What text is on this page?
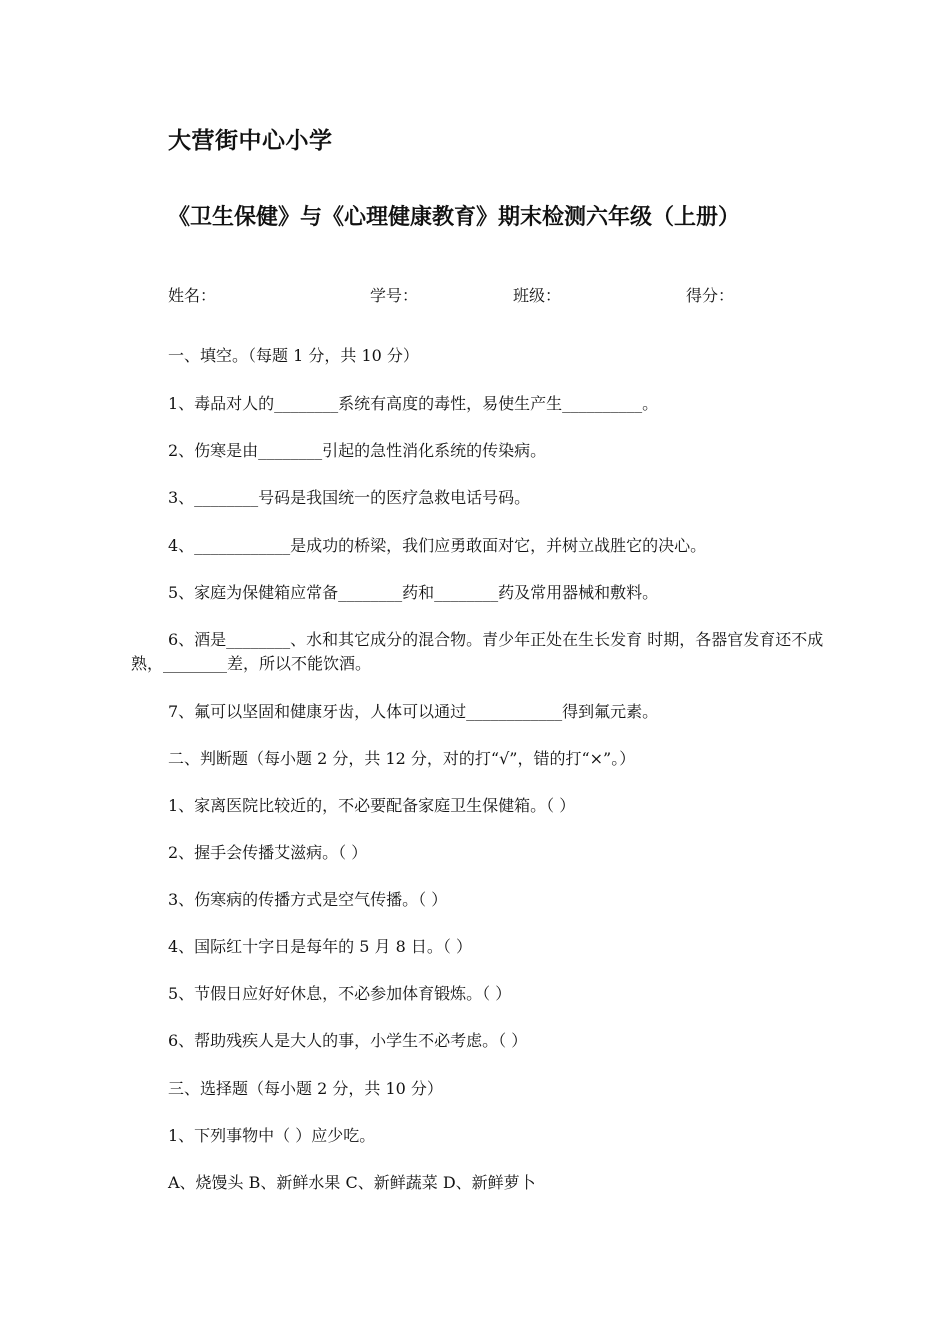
大营街中心小学
《卫生保健》与《心理健康教育》期末检测六年级（上册）
姓名：	学号：	班级：	得分：
一、填空。（每题 1 分，共 10 分）
1、毒品对人的________系统有高度的毒性，易使生产生__________。
2、伤寒是由________引起的急性消化系统的传染病。
3、________号码是我国统一的医疗急救电话号码。
4、____________是成功的桥梁，我们应勇敢面对它，并树立战胜它的决心。
5、家庭为保健箱应常备________药和________药及常用器械和敷料。
6、酒是________、水和其它成分的混合物。青少年正处在生长发育 时期，各器官发育还不成熟，________差，所以不能饮酒。
7、氟可以坚固和健康牙齿，人体可以通过____________得到氟元素。
二、判断题（每小题 2 分，共 12 分，对的打“√”，错的打“×”。）
1、家离医院比较近的，不必要配备家庭卫生保健箱。（ ）
2、握手会传播艾滋病。（ ）
3、伤寒病的传播方式是空气传播。（ ）
4、国际红十字日是每年的 5 月 8 日。（ ）
5、节假日应好好休息，不必参加体育锻炼。（ ）
6、帮助残疾人是大人的事，小学生不必考虑。（ ）
三、选择题（每小题 2 分，共 10 分）
1、下列事物中（ ）应少吃。
A、烧馒头 B、新鲜水果 C、新鲜蔬菜 D、新鲜萝卜
